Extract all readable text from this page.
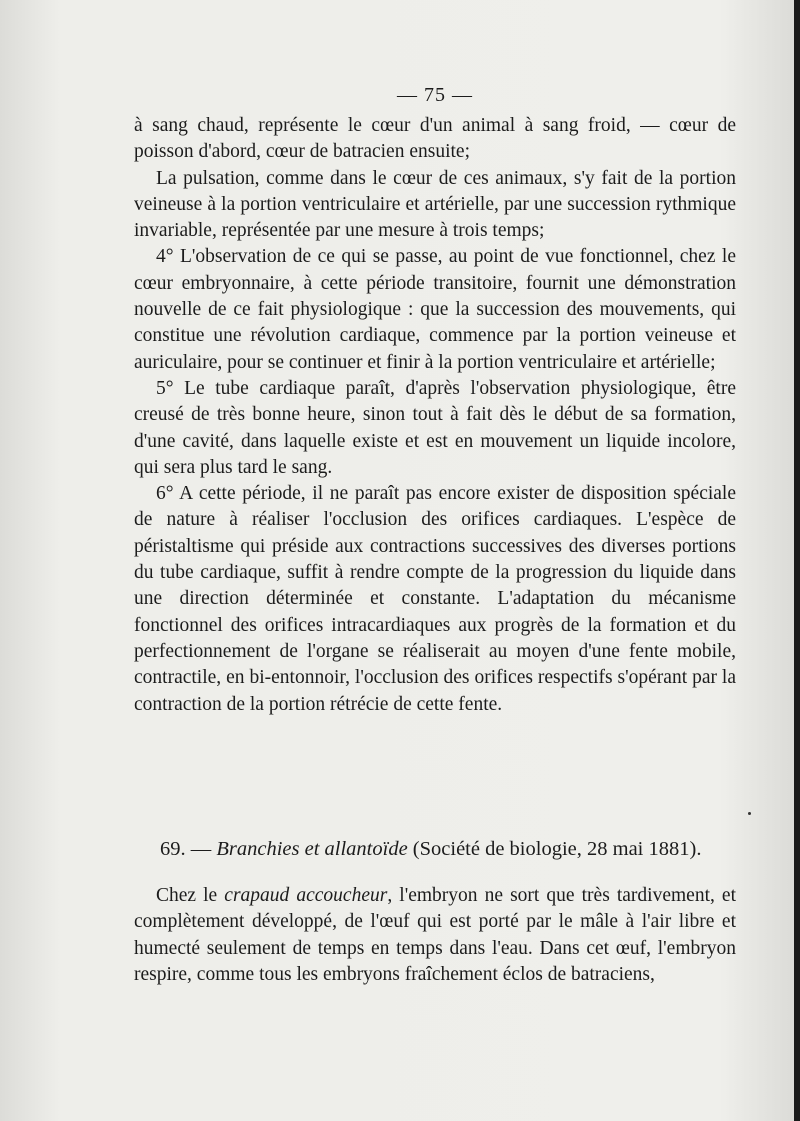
— 75 —

à sang chaud, représente le cœur d'un animal à sang froid, — cœur de poisson d'abord, cœur de batracien ensuite;

La pulsation, comme dans le cœur de ces animaux, s'y fait de la portion veineuse à la portion ventriculaire et artérielle, par une succession rythmique invariable, représentée par une mesure à trois temps;

4° L'observation de ce qui se passe, au point de vue fonctionnel, chez le cœur embryonnaire, à cette période transitoire, fournit une démonstration nouvelle de ce fait physiologique : que la succession des mouvements, qui constitue une révolution cardiaque, commence par la portion veineuse et auriculaire, pour se continuer et finir à la portion ventriculaire et artérielle;

5° Le tube cardiaque paraît, d'après l'observation physiologique, être creusé de très bonne heure, sinon tout à fait dès le début de sa formation, d'une cavité, dans laquelle existe et est en mouvement un liquide incolore, qui sera plus tard le sang.

6° A cette période, il ne paraît pas encore exister de disposition spéciale de nature à réaliser l'occlusion des orifices cardiaques. L'espèce de péristaltisme qui préside aux contractions successives des diverses portions du tube cardiaque, suffit à rendre compte de la progression du liquide dans une direction déterminée et constante. L'adaptation du mécanisme fonctionnel des orifices intracardiaques aux progrès de la formation et du perfectionnement de l'organe se réaliserait au moyen d'une fente mobile, contractile, en bi-entonnoir, l'occlusion des orifices respectifs s'opérant par la contraction de la portion rétrécie de cette fente.

69. — Branchies et allantoïde (Société de biologie, 28 mai 1881).
Chez le crapaud accoucheur, l'embryon ne sort que très tardivement, et complètement développé, de l'œuf qui est porté par le mâle à l'air libre et humecté seulement de temps en temps dans l'eau. Dans cet œuf, l'embryon respire, comme tous les embryons fraîchement éclos de batraciens,
